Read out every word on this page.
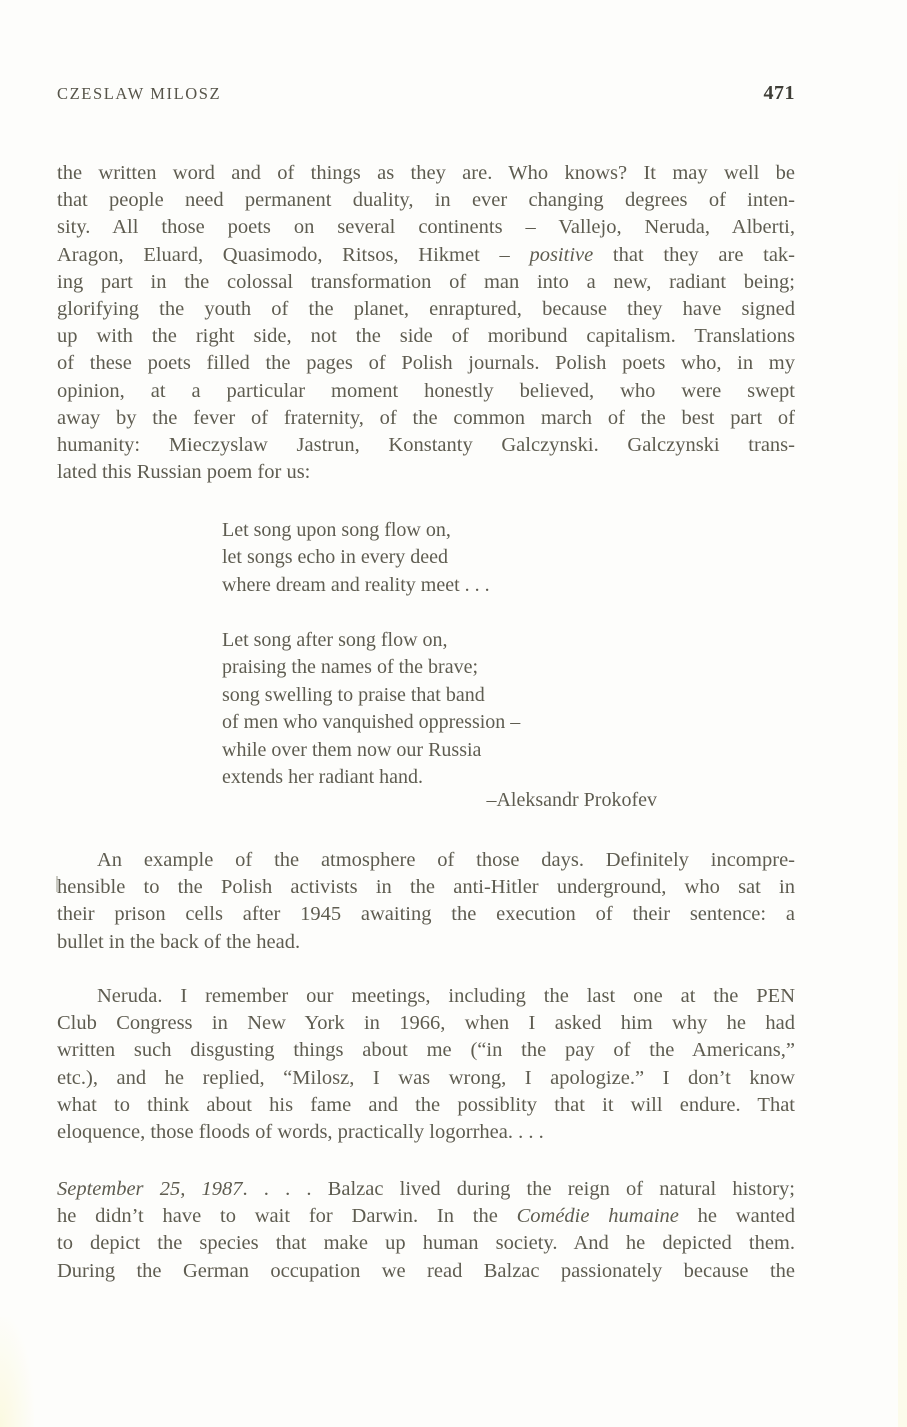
CZESLAW MILOSZ	471
the written word and of things as they are. Who knows? It may well be
that people need permanent duality, in ever changing degrees of inten-
sity. All those poets on several continents – Vallejo, Neruda, Alberti,
Aragon, Eluard, Quasimodo, Ritsos, Hikmet – positive that they are tak-
ing part in the colossal transformation of man into a new, radiant being;
glorifying the youth of the planet, enraptured, because they have signed
up with the right side, not the side of moribund capitalism. Translations
of these poets filled the pages of Polish journals. Polish poets who, in my
opinion, at a particular moment honestly believed, who were swept
away by the fever of fraternity, of the common march of the best part of
humanity: Mieczyslaw Jastrun, Konstanty Galczynski. Galczynski trans-
lated this Russian poem for us:
Let song upon song flow on,
let songs echo in every deed
where dream and reality meet . . .
Let song after song flow on,
praising the names of the brave;
song swelling to praise that band
of men who vanquished oppression –
while over them now our Russia
extends her radiant hand.
–Aleksandr Prokofev
An example of the atmosphere of those days. Definitely incompre-
hensible to the Polish activists in the anti-Hitler underground, who sat in
their prison cells after 1945 awaiting the execution of their sentence: a
bullet in the back of the head.
Neruda. I remember our meetings, including the last one at the PEN
Club Congress in New York in 1966, when I asked him why he had
written such disgusting things about me (“in the pay of the Americans,”
etc.), and he replied, “Milosz, I was wrong, I apologize.” I don’t know
what to think about his fame and the possiblity that it will endure. That
eloquence, those floods of words, practically logorrhea. . . .
September 25, 1987. . . . Balzac lived during the reign of natural history;
he didn’t have to wait for Darwin. In the Comédie humaine he wanted
to depict the species that make up human society. And he depicted them.
During the German occupation we read Balzac passionately because the
